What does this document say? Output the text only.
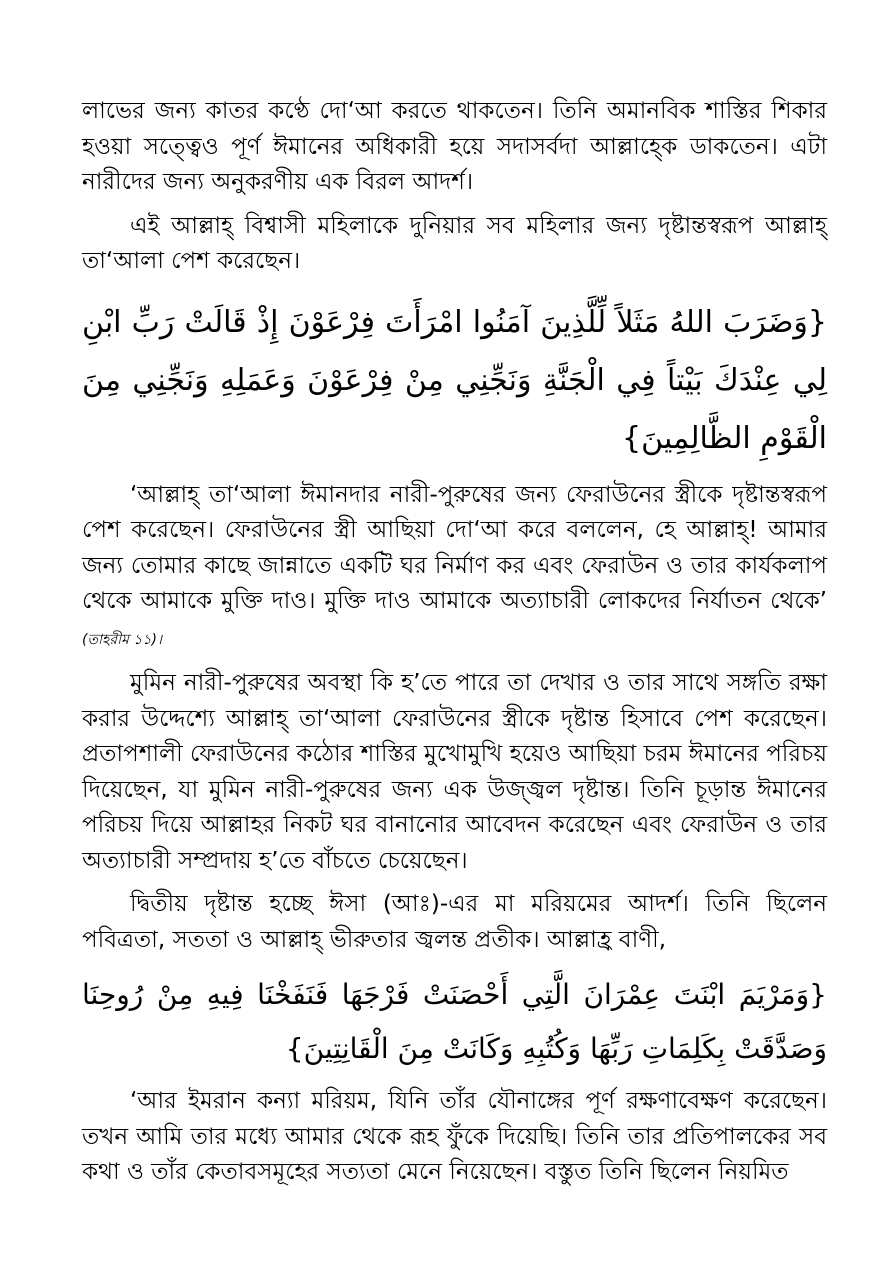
লাভের জন্য কাতর কণ্ঠে দো‘আ করতে থাকতেন। তিনি অমানবিক শাস্তির শিকার হওয়া সত্ত্বেও পূর্ণ ঈমানের অধিকারী হয়ে সদাসর্বদা আল্লাহ্কে ডাকতেন। এটা নারীদের জন্য অনুকরণীয় এক বিরল আদর্শ।

এই আল্লাহ্ বিশ্বাসী মহিলাকে দুনিয়ার সব মহিলার জন্য দৃষ্টান্তস্বরূপ আল্লাহ্ তা‘আলা পেশ করেছেন।

{وَضَرَبَ اللهُ مَثَلاً لِّلَّذِينَ آمَنُوا امْرَأَتَ فِرْعَوْنَ إِذْ قَالَتْ رَبِّ ابْنِ لِي عِنْدَكَ بَيْتاً فِي الْجَنَّةِ وَنَجِّنِي مِنْ فِرْعَوْنَ وَعَمَلِهِ وَنَجِّنِي مِنَ الْقَوْمِ الظَّالِمِينَ}

‘আল্লাহ্ তা‘আলা ঈমানদার নারী-পুরুষের জন্য ফেরাউনের স্ত্রীকে দৃষ্টান্তস্বরূপ পেশ করেছেন। ফেরাউনের স্ত্রী আছিয়া দো‘আ করে বললেন, হে আল্লাহ্! আমার জন্য তোমার কাছে জান্নাতে একটি ঘর নির্মাণ কর এবং ফেরাউন ও তার কার্যকলাপ থেকে আমাকে মুক্তি দাও। মুক্তি দাও আমাকে অত্যাচারী লোকদের নির্যাতন থেকে’ (তাহরীম ১১)।

মুমিন নারী-পুরুষের অবস্থা কি হ’তে পারে তা দেখার ও তার সাথে সঙ্গতি রক্ষা করার উদ্দেশ্যে আল্লাহ্ তা‘আলা ফেরাউনের স্ত্রীকে দৃষ্টান্ত হিসাবে পেশ করেছেন। প্রতাপশালী ফেরাউনের কঠোর শাস্তির মুখোমুখি হয়েও আছিয়া চরম ঈমানের পরিচয় দিয়েছেন, যা মুমিন নারী-পুরুষের জন্য এক উজ্জ্বল দৃষ্টান্ত। তিনি চূড়ান্ত ঈমানের পরিচয় দিয়ে আল্লাহর নিকট ঘর বানানোর আবেদন করেছেন এবং ফেরাউন ও তার অত্যাচারী সম্প্রদায় হ’তে বাঁচতে চেয়েছেন।

দ্বিতীয় দৃষ্টান্ত হচ্ছে ঈসা (আঃ)-এর মা মরিয়মের আদর্শ। তিনি ছিলেন পবিত্রতা, সততা ও আল্লাহ্ ভীরুতার জ্বলন্ত প্রতীক। আল্লাহ্র বাণী,

{وَمَرْيَمَ ابْنَتَ عِمْرَانَ الَّتِي أَحْصَنَتْ فَرْجَهَا فَنَفَخْنَا فِيهِ مِنْ رُوحِنَا وَصَدَّقَتْ بِكَلِمَاتِ رَبِّهَا وَكُتُبِهِ وَكَانَتْ مِنَ الْقَانِتِينَ}

‘আর ইমরান কন্যা মরিয়ম, যিনি তাঁর যৌনাঙ্গের পূর্ণ রক্ষণাবেক্ষণ করেছেন। তখন আমি তার মধ্যে আমার থেকে রূহ ফুঁকে দিয়েছি। তিনি তার প্রতিপালকের সব কথা ও তাঁর কেতাবসমূহের সত্যতা মেনে নিয়েছেন। বস্তুত তিনি ছিলেন নিয়মিত
